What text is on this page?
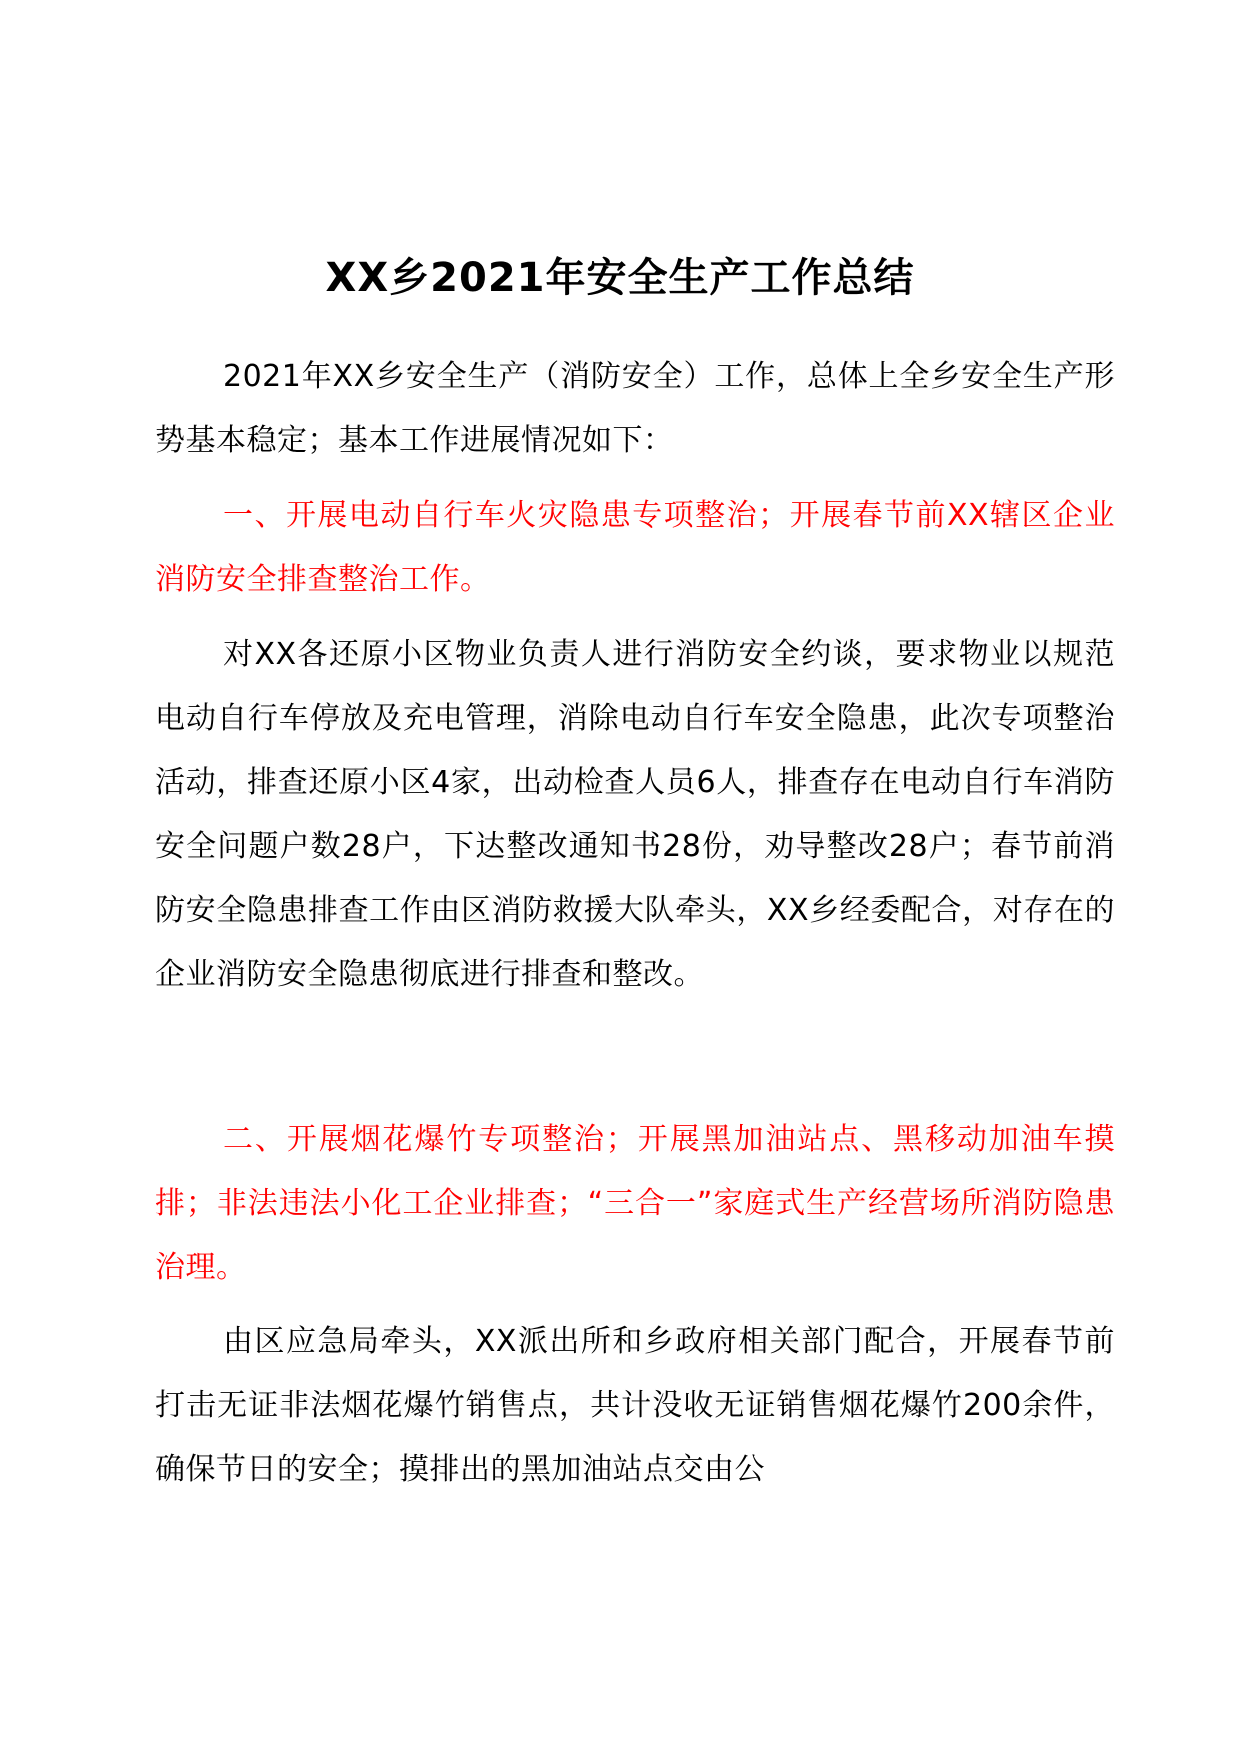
XX乡2021年安全生产工作总结

2021年XX乡安全生产（消防安全）工作，总体上全乡安全生产形势基本稳定；基本工作进展情况如下：

一、开展电动自行车火灾隐患专项整治；开展春节前XX辖区企业消防安全排查整治工作。

对XX各还原小区物业负责人进行消防安全约谈，要求物业以规范电动自行车停放及充电管理，消除电动自行车安全隐患，此次专项整治活动，排查还原小区4家，出动检查人员6人，排查存在电动自行车消防安全问题户数28户，下达整改通知书28份，劝导整改28户；春节前消防安全隐患排查工作由区消防救援大队牵头，XX乡经委配合，对存在的企业消防安全隐患彻底进行排查和整改。

二、开展烟花爆竹专项整治；开展黑加油站点、黑移动加油车摸排；非法违法小化工企业排查；“三合一”家庭式生产经营场所消防隐患治理。

由区应急局牵头，XX派出所和乡政府相关部门配合，开展春节前打击无证非法烟花爆竹销售点，共计没收无证销售烟花爆竹200余件，确保节日的安全；摸排出的黑加油站点交由公
